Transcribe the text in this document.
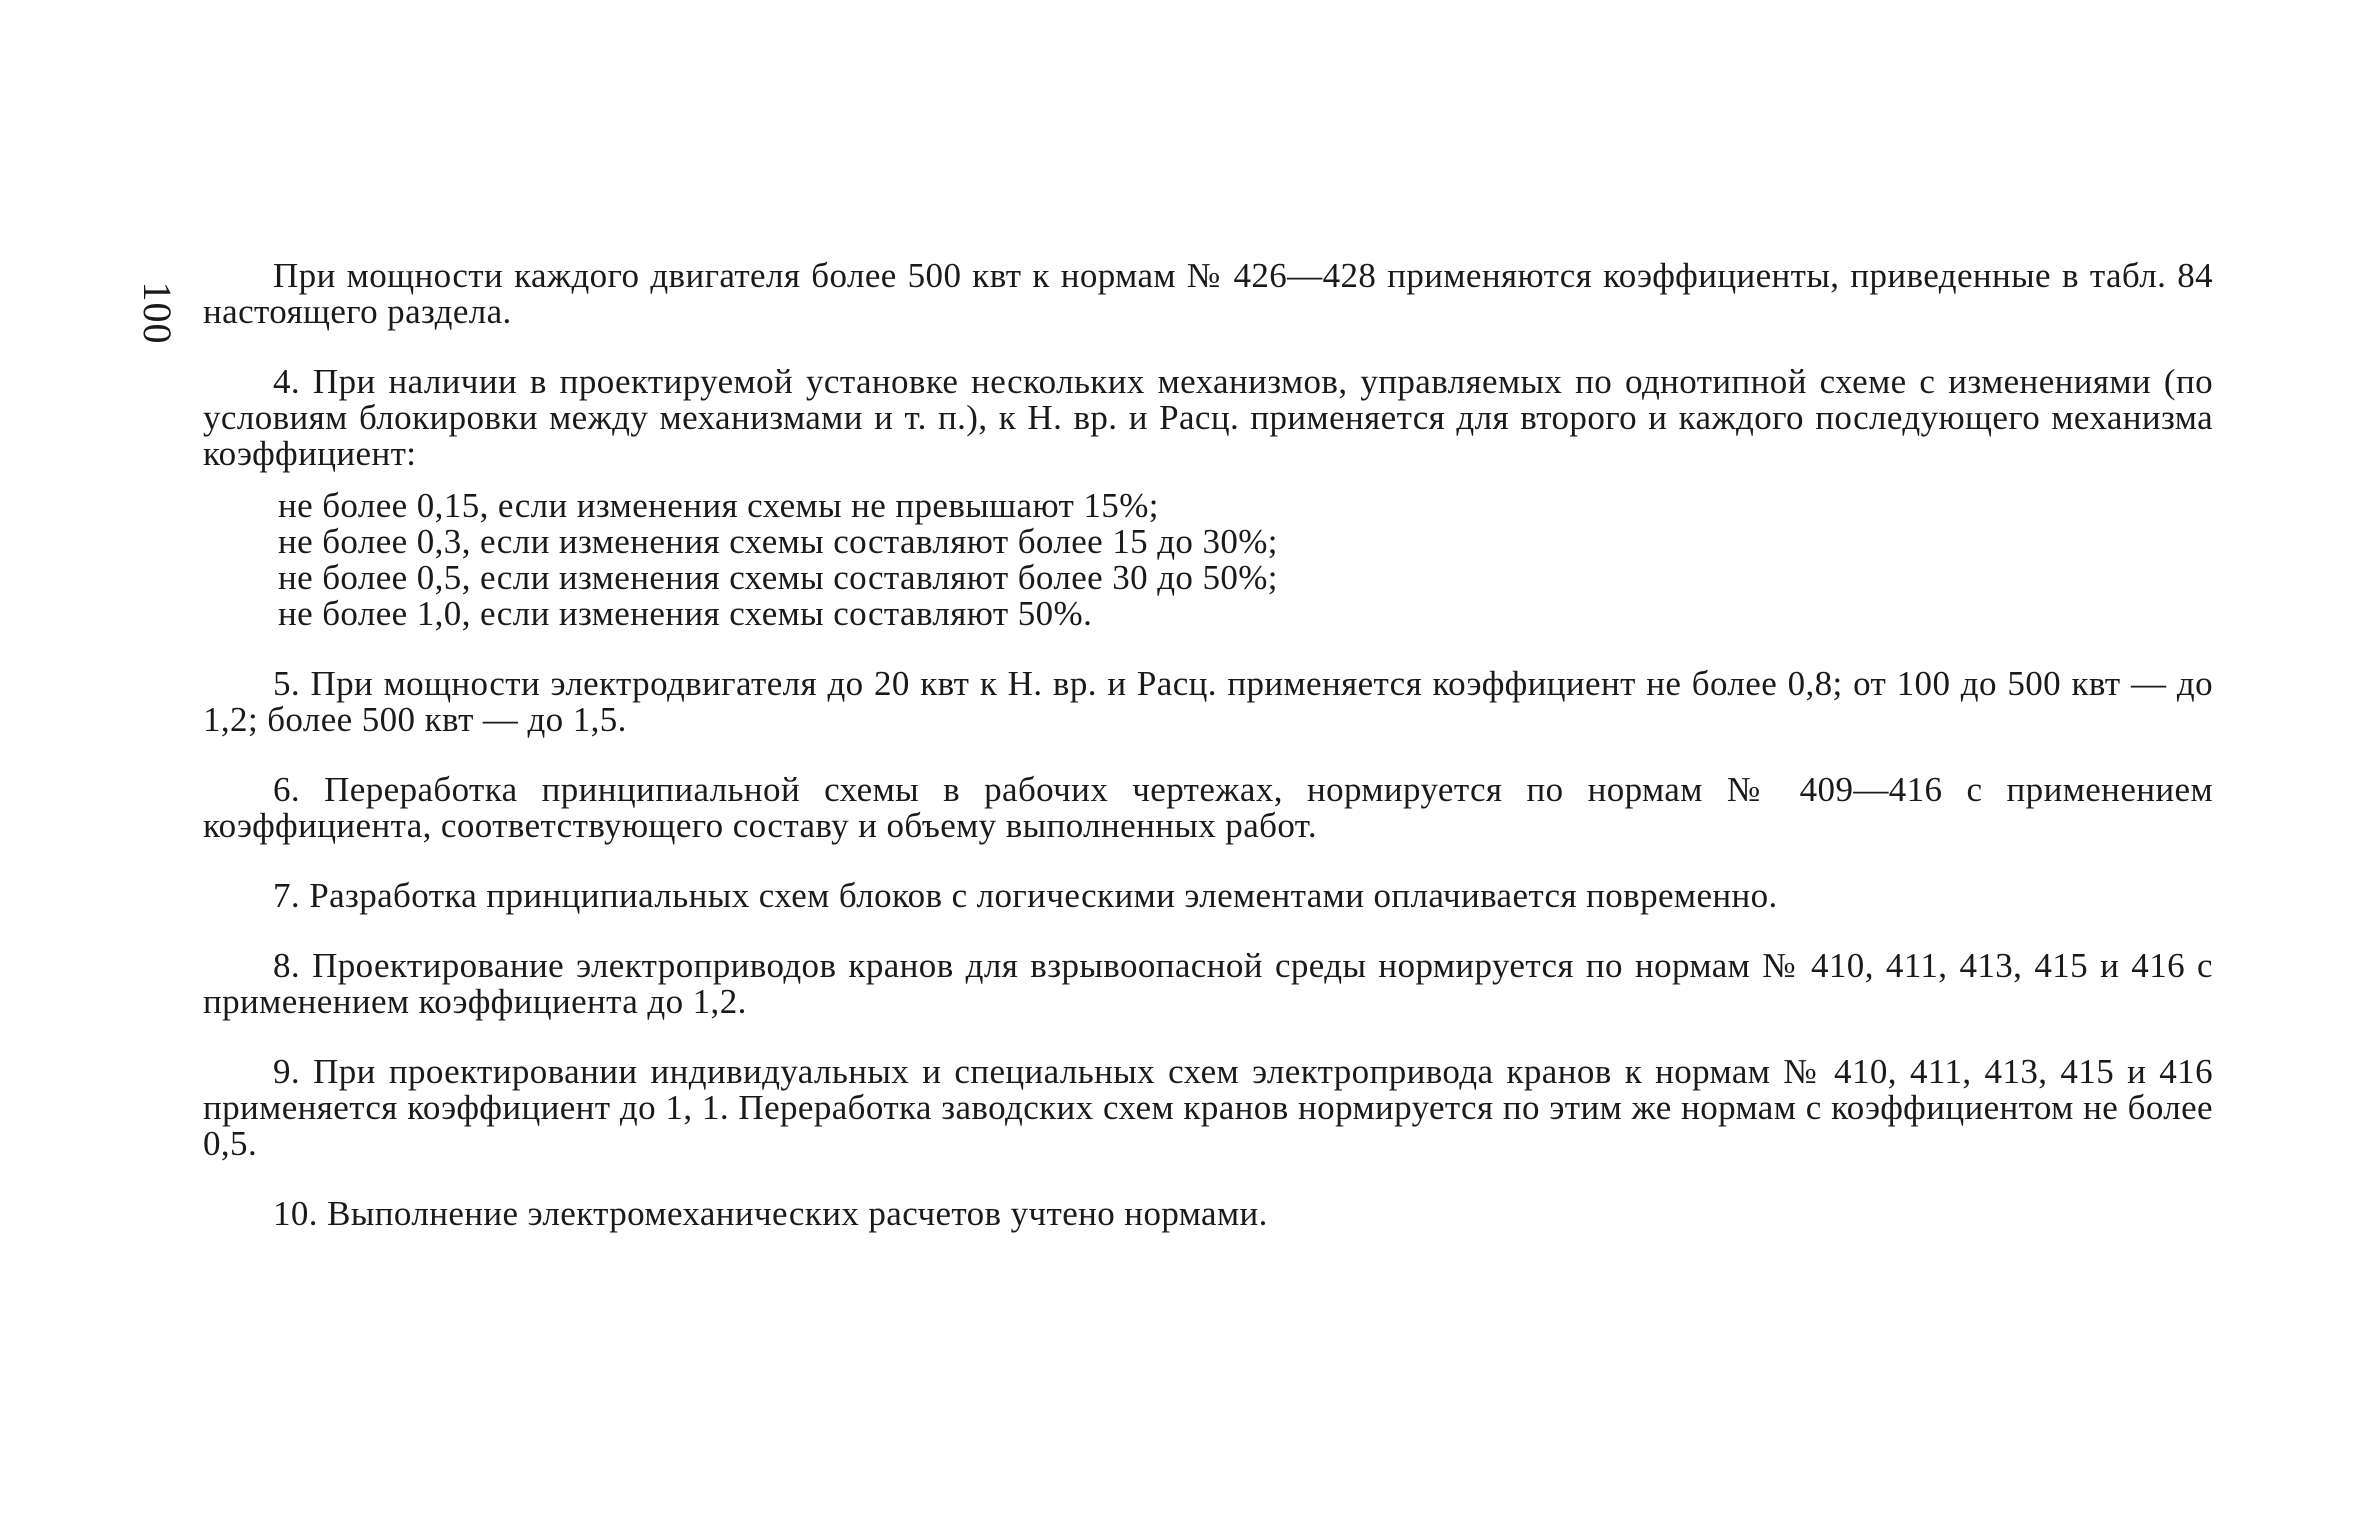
100

При мощности каждого двигателя более 500 квт к нормам № 426—428 применяются коэффициенты, приведенные в табл. 84 настоящего раздела.

4. При наличии в проектируемой установке нескольких механизмов, управляемых по однотипной схеме с изменениями (по условиям блокировки между механизмами и т. п.), к Н. вр. и Расц. применяется для второго и каждого последующего механизма коэффициент:

не более 0,15, если изменения схемы не превышают 15%;
не более 0,3, если изменения схемы составляют более 15 до 30%;
не более 0,5, если изменения схемы составляют более 30 до 50%;
не более 1,0, если изменения схемы составляют 50%.

5. При мощности электродвигателя до 20 квт к Н. вр. и Расц. применяется коэффициент не более 0,8; от 100 до 500 квт — до 1,2; более 500 квт — до 1,5.

6. Переработка принципиальной схемы в рабочих чертежах, нормируется по нормам № 409—416 с применением коэффициента, соответствующего составу и объему выполненных работ.

7. Разработка принципиальных схем блоков с логическими элементами оплачивается повременно.

8. Проектирование электроприводов кранов для взрывоопасной среды нормируется по нормам № 410, 411, 413, 415 и 416 с применением коэффициента до 1,2.

9. При проектировании индивидуальных и специальных схем электропривода кранов к нормам № 410, 411, 413, 415 и 416 применяется коэффициент до 1, 1. Переработка заводских схем кранов нормируется по этим же нормам с коэффициентом не более 0,5.

10. Выполнение электромеханических расчетов учтено нормами.
